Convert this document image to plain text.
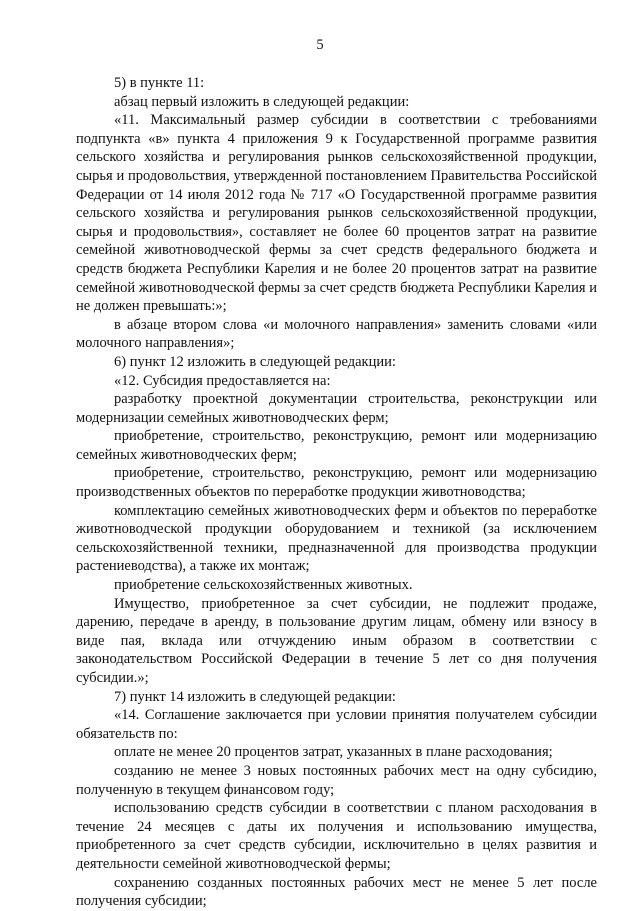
5

5) в пункте 11:

абзац первый изложить в следующей редакции:

«11. Максимальный размер субсидии в соответствии с требованиями подпункта «в» пункта 4 приложения 9 к Государственной программе развития сельского хозяйства и регулирования рынков сельскохозяйственной продукции, сырья и продовольствия, утвержденной постановлением Правительства Российской Федерации от 14 июля 2012 года № 717 «О Государственной программе развития сельского хозяйства и регулирования рынков сельскохозяйственной продукции, сырья и продовольствия», составляет не более 60 процентов затрат на развитие семейной животноводческой фермы за счет средств федерального бюджета и средств бюджета Республики Карелия и не более 20 процентов затрат на развитие семейной животноводческой фермы за счет средств бюджета Республики Карелия и не должен превышать:»;

в абзаце втором слова «и молочного направления» заменить словами «или молочного направления»;

6) пункт 12 изложить в следующей редакции:

«12. Субсидия предоставляется на:

разработку проектной документации строительства, реконструкции или модернизации семейных животноводческих ферм;

приобретение, строительство, реконструкцию, ремонт или модернизацию семейных животноводческих ферм;

приобретение, строительство, реконструкцию, ремонт или модернизацию производственных объектов по переработке продукции животноводства;

комплектацию семейных животноводческих ферм и объектов по переработке животноводческой продукции оборудованием и техникой (за исключением сельскохозяйственной техники, предназначенной для производства продукции растениеводства), а также их монтаж;

приобретение сельскохозяйственных животных.

Имущество, приобретенное за счет субсидии, не подлежит продаже, дарению, передаче в аренду, в пользование другим лицам, обмену или взносу в виде пая, вклада или отчуждению иным образом в соответствии с законодательством Российской Федерации в течение 5 лет со дня получения субсидии.»;

7) пункт 14 изложить в следующей редакции:

«14. Соглашение заключается при условии принятия получателем субсидии обязательств по:

оплате не менее 20 процентов затрат, указанных в плане расходования;

созданию не менее 3 новых постоянных рабочих мест на одну субсидию, полученную в текущем финансовом году;

использованию средств субсидии в соответствии с планом расходования в течение 24 месяцев с даты их получения и использованию имущества, приобретенного за счет средств субсидии, исключительно в целях развития и деятельности семейной животноводческой фермы;

сохранению созданных постоянных рабочих мест не менее 5 лет после получения субсидии;
